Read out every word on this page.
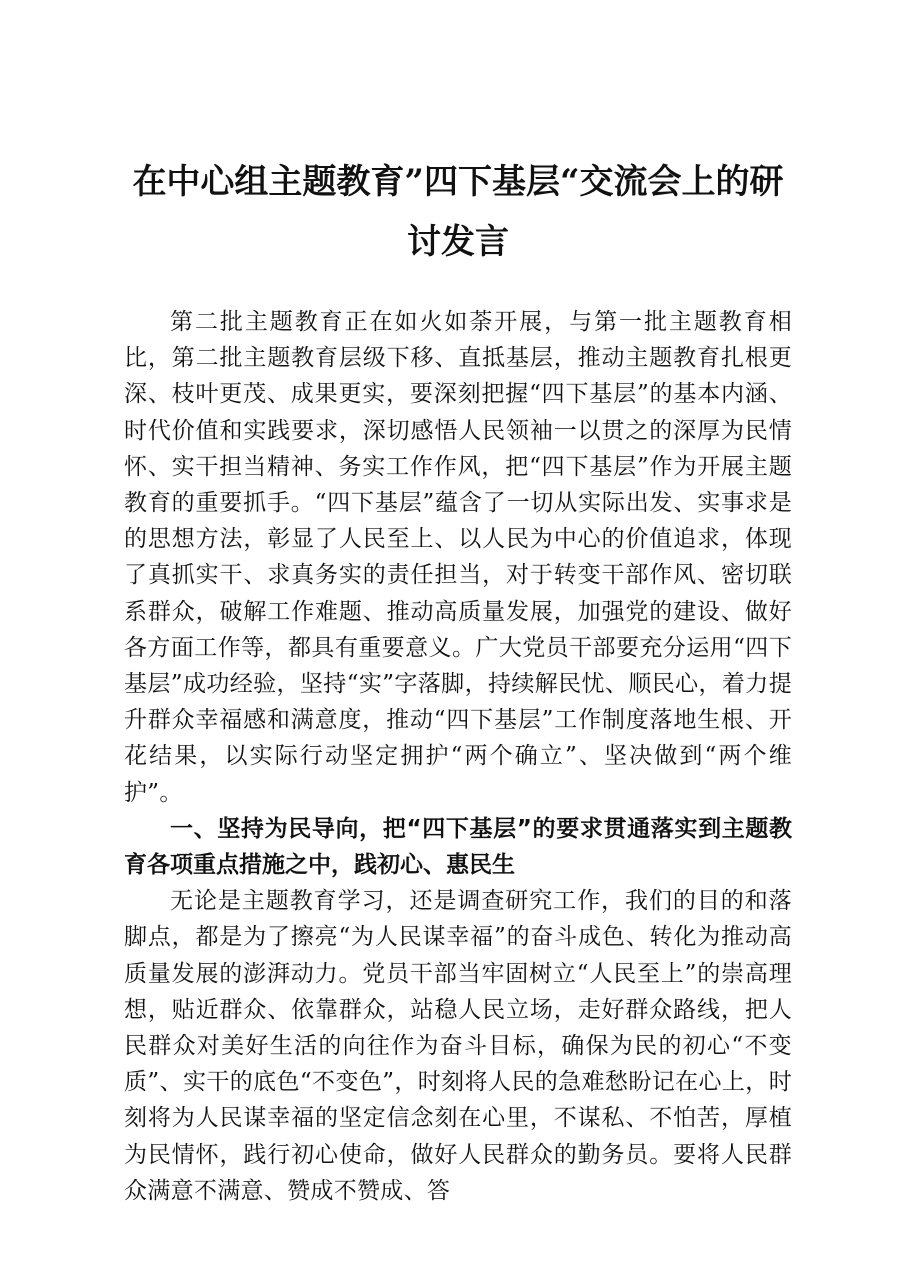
在中心组主题教育”四下基层“交流会上的研
讨发言

第二批主题教育正在如火如荼开展，与第一批主题教育相比，第二批主题教育层级下移、直抵基层，推动主题教育扎根更深、枝叶更茂、成果更实，要深刻把握“四下基层”的基本内涵、时代价值和实践要求，深切感悟人民领袖一以贯之的深厚为民情怀、实干担当精神、务实工作作风，把“四下基层”作为开展主题教育的重要抓手。“四下基层”蕴含了一切从实际出发、实事求是的思想方法，彰显了人民至上、以人民为中心的价值追求，体现了真抓实干、求真务实的责任担当，对于转变干部作风、密切联系群众，破解工作难题、推动高质量发展，加强党的建设、做好各方面工作等，都具有重要意义。广大党员干部要充分运用“四下基层”成功经验，坚持“实”字落脚，持续解民忧、顺民心，着力提升群众幸福感和满意度，推动“四下基层”工作制度落地生根、开花结果，以实际行动坚定拥护“两个确立”、坚决做到“两个维护”。

一、坚持为民导向，把“四下基层”的要求贯通落实到主题教育各项重点措施之中，践初心、惠民生

无论是主题教育学习，还是调查研究工作，我们的目的和落脚点，都是为了擦亮“为人民谋幸福”的奋斗成色、转化为推动高质量发展的澎湃动力。党员干部当牢固树立“人民至上”的崇高理想，贴近群众、依靠群众，站稳人民立场，走好群众路线，把人民群众对美好生活的向往作为奋斗目标，确保为民的初心“不变质”、实干的底色“不变色”，时刻将人民的急难愁盼记在心上，时刻将为人民谋幸福的坚定信念刻在心里，不谋私、不怕苦，厚植为民情怀，践行初心使命，做好人民群众的勤务员。要将人民群众满意不满意、赞成不赞成、答
